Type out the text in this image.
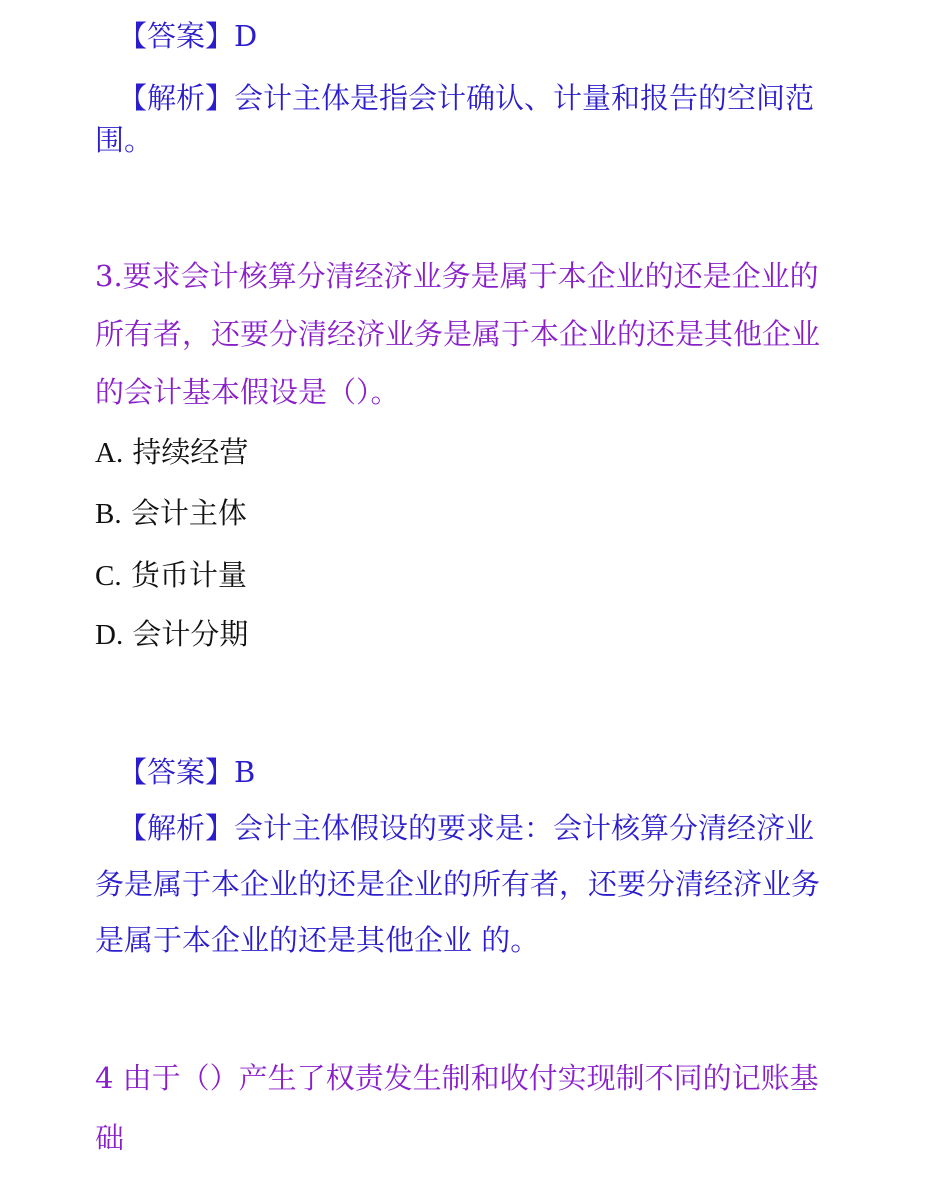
【答案】D
【解析】会计主体是指会计确认、计量和报告的空间范
围。
3.要求会计核算分清经济业务是属于本企业的还是企业的
所有者，还要分清经济业务是属于本企业的还是其他企业
的会计基本假设是（）。
A. 持续经营
B. 会计主体
C. 货币计量
D. 会计分期
【答案】B
【解析】会计主体假设的要求是：会计核算分清经济业
务是属于本企业的还是企业的所有者，还要分清经济业务
是属于本企业的还是其他企业 的。
4 由于（）产生了权责发生制和收付实现制不同的记账基
础
